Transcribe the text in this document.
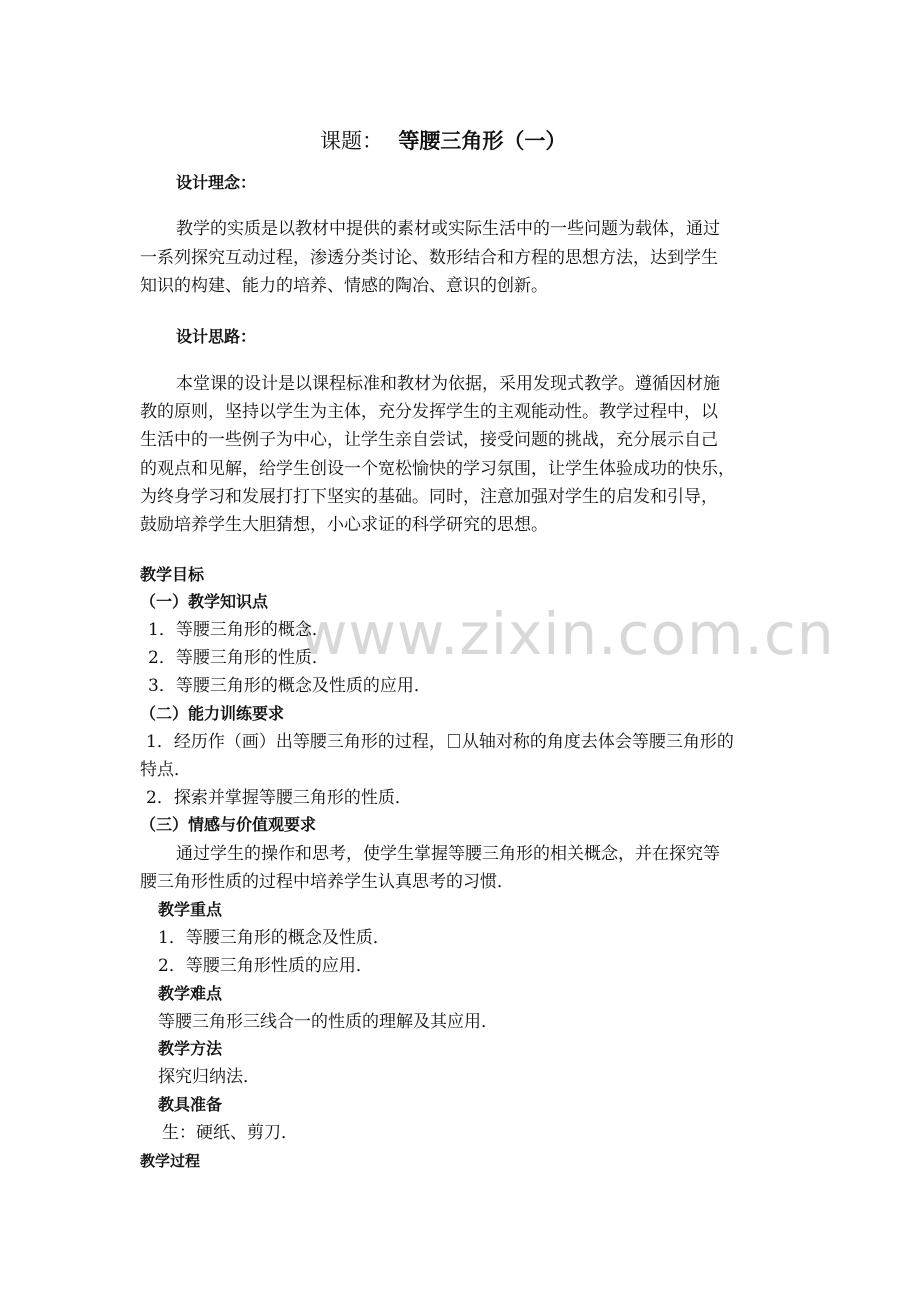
www.zixin.com.cn
课题： 等腰三角形（一）
设计理念：
教学的实质是以教材中提供的素材或实际生活中的一些问题为载体，通过
一系列探究互动过程，渗透分类讨论、数形结合和方程的思想方法，达到学生
知识的构建、能力的培养、情感的陶冶、意识的创新。
设计思路：
本堂课的设计是以课程标准和教材为依据，采用发现式教学。遵循因材施
教的原则，坚持以学生为主体，充分发挥学生的主观能动性。教学过程中，以
生活中的一些例子为中心，让学生亲自尝试，接受问题的挑战，充分展示自己
的观点和见解，给学生创设一个宽松愉快的学习氛围，让学生体验成功的快乐，
为终身学习和发展打打下坚实的基础。同时，注意加强对学生的启发和引导，
鼓励培养学生大胆猜想，小心求证的科学研究的思想。
教学目标
（一）教学知识点
1．等腰三角形的概念．
2．等腰三角形的性质．
3．等腰三角形的概念及性质的应用．
（二）能力训练要求
1．经历作（画）出等腰三角形的过程， 从轴对称的角度去体会等腰三角形的
特点．
2．探索并掌握等腰三角形的性质．
（三）情感与价值观要求
通过学生的操作和思考，使学生掌握等腰三角形的相关概念，并在探究等
腰三角形性质的过程中培养学生认真思考的习惯．
教学重点
1．等腰三角形的概念及性质．
2．等腰三角形性质的应用．
教学难点
等腰三角形三线合一的性质的理解及其应用．
教学方法
探究归纳法．
教具准备
生：硬纸、剪刀．
教学过程
